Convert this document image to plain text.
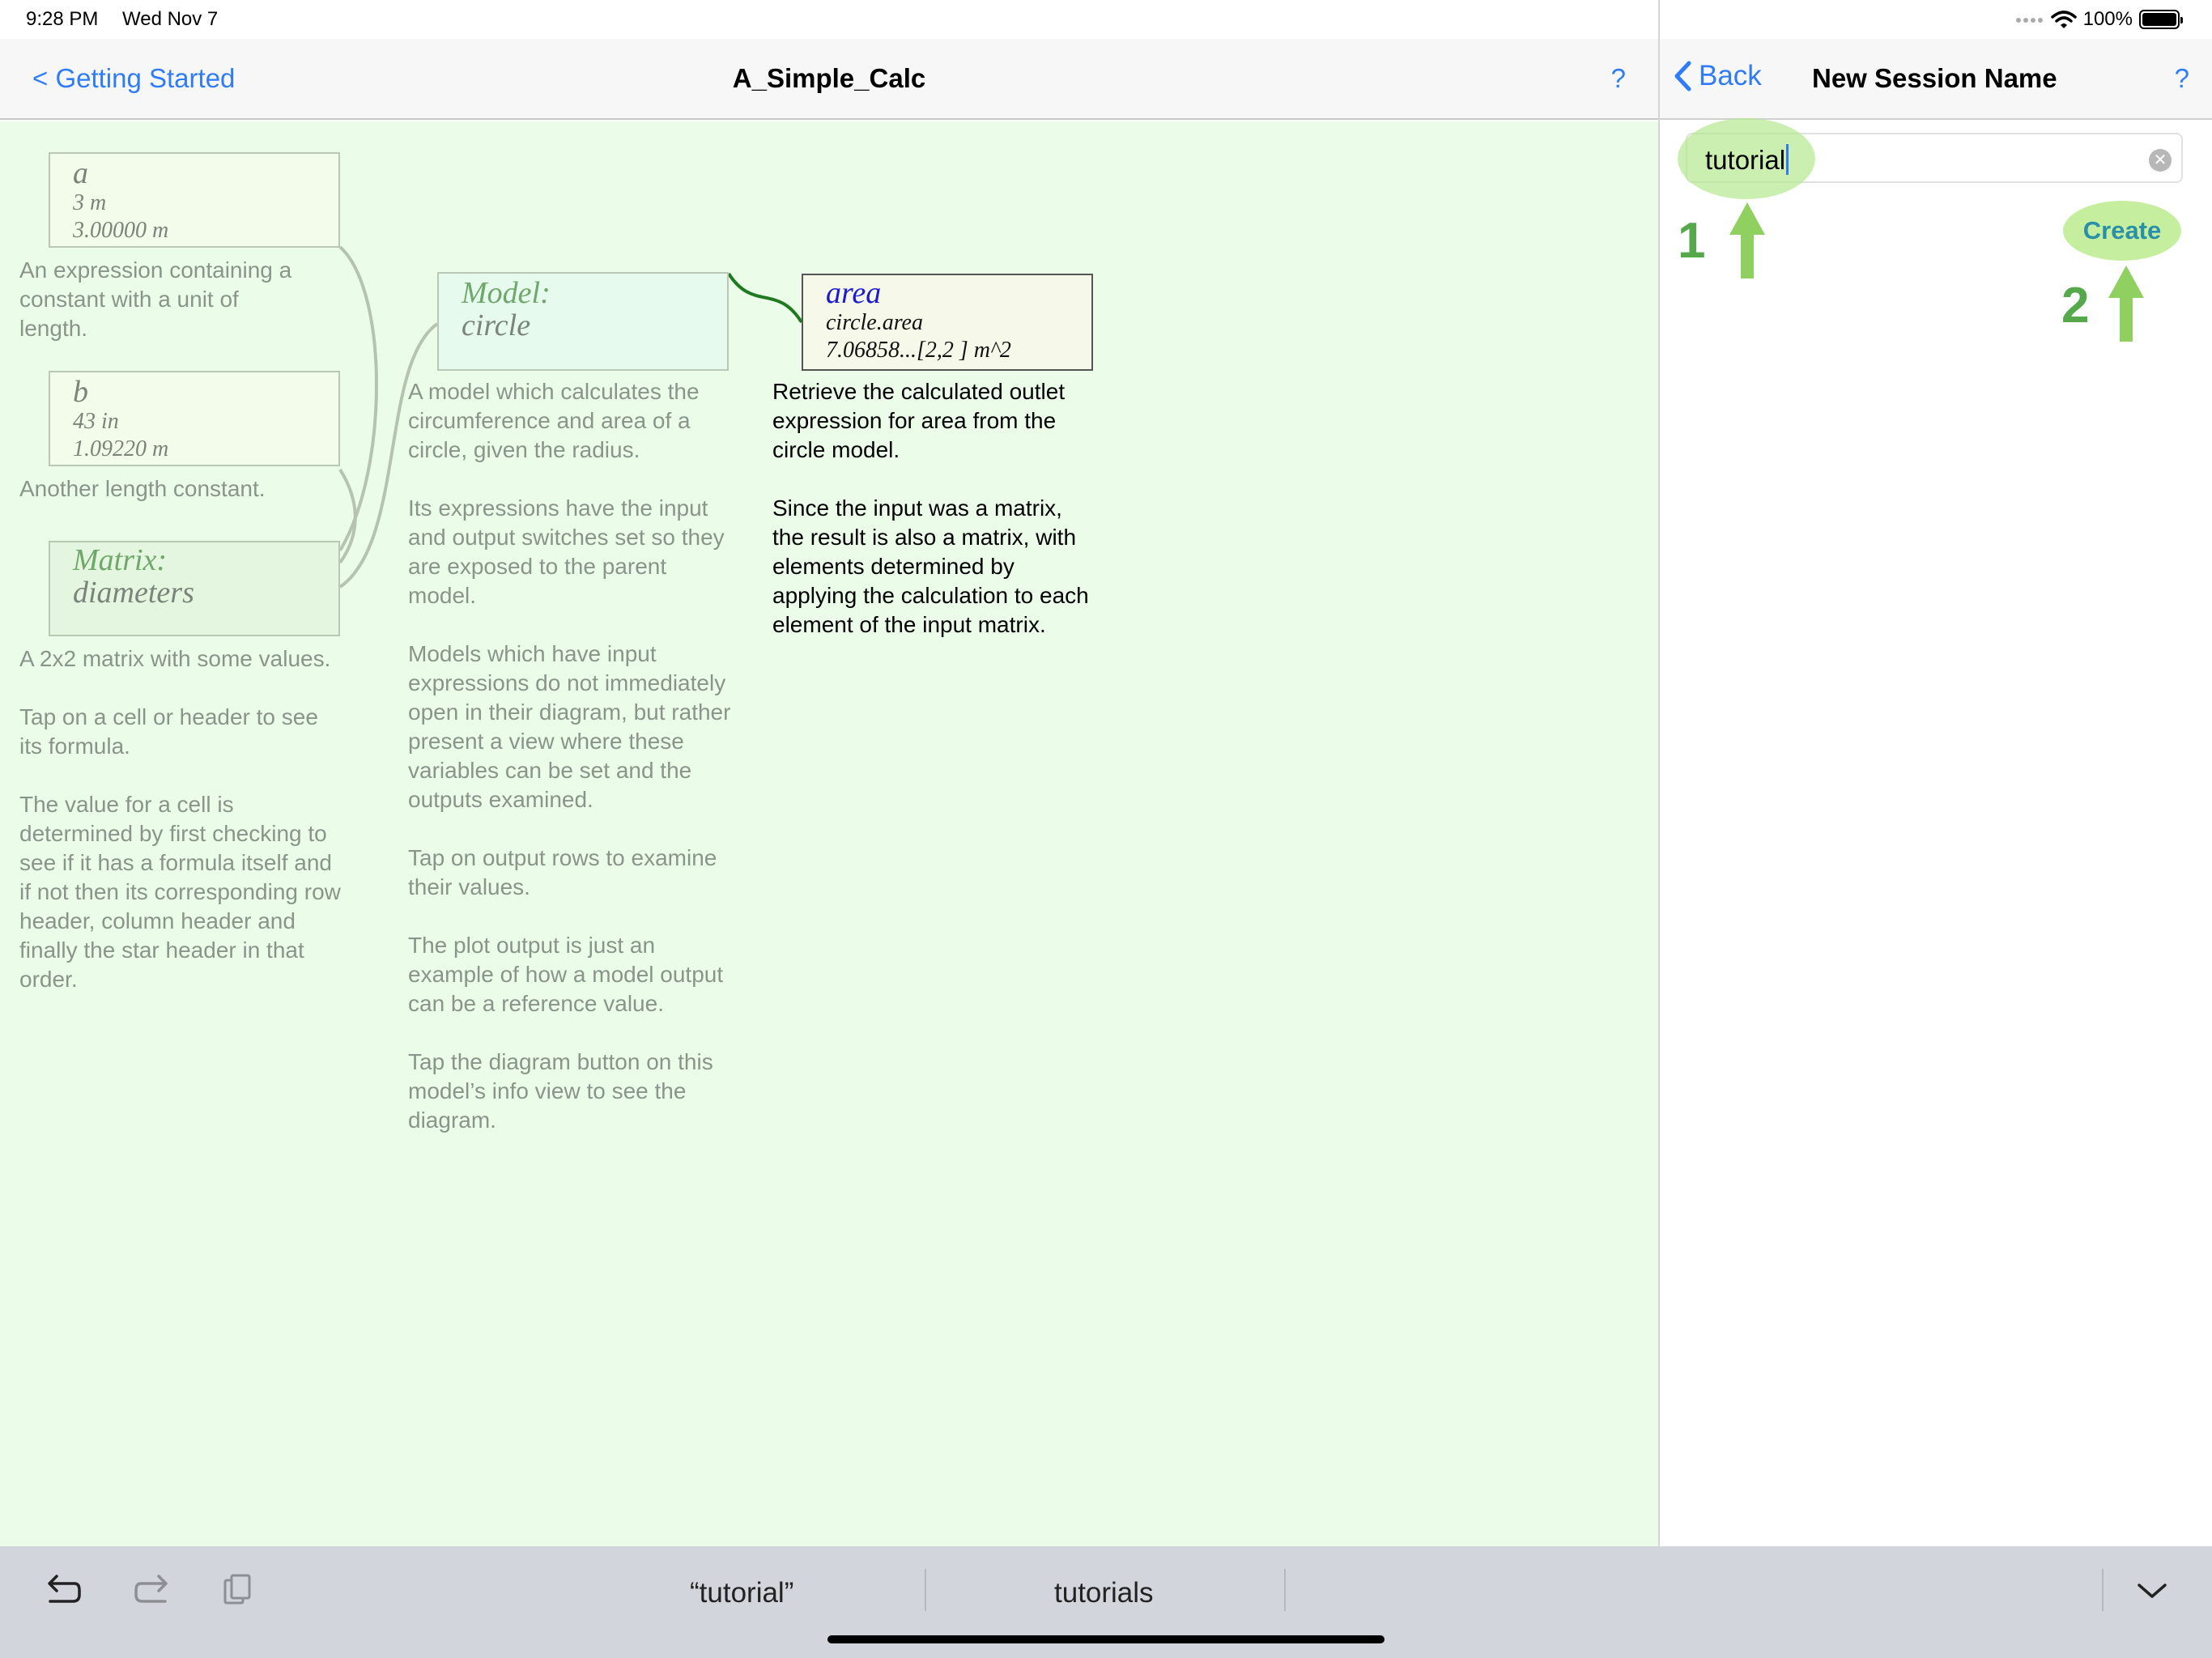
9:28 PM Wed Nov 7	100%
< Getting Started	A_Simple_Calc	?
a
3 m
3.00000 m
An expression containing a
constant with a unit of
length.
b
43 in
1.09220 m
Another length constant.
Matrix:
diameters
A 2x2 matrix with some values.

Tap on a cell or header to see
its formula.

The value for a cell is
determined by first checking to
see if it has a formula itself and
if not then its corresponding row
header, column header and
finally the star header in that
order.
Model:
circle
A model which calculates the
circumference and area of a
circle, given the radius.

Its expressions have the input
and output switches set so they
are exposed to the parent
model.

Models which have input
expressions do not immediately
open in their diagram, but rather
present a view where these
variables can be set and the
outputs examined.

Tap on output rows to examine
their values.

The plot output is just an
example of how a model output
can be a reference value.

Tap the diagram button on this
model’s info view to see the
diagram.
area
circle.area
7.06858...[2,2 ] m^2
Retrieve the calculated outlet
expression for area from the
circle model.

Since the input was a matrix,
the result is also a matrix, with
elements determined by
applying the calculation to each
element of the input matrix.
Back New Session Name	?
tutorial	✕
1	Create
2
“tutorial”	tutorials
